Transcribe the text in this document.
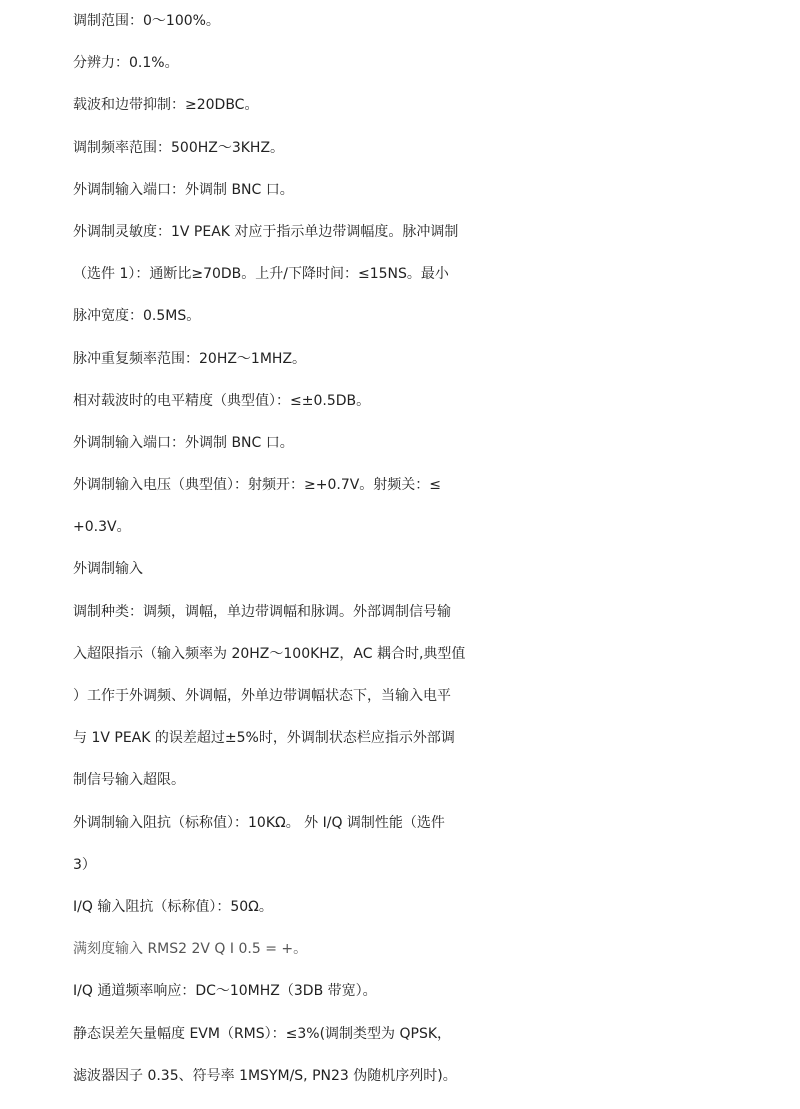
调制范围：0～100%。
分辨力：0.1%。
载波和边带抑制：≥20DBC。
调制频率范围：500HZ～3KHZ。
外调制输入端口：外调制 BNC 口。
外调制灵敏度：1V PEAK 对应于指示单边带调幅度。脉冲调制
（选件 1）：通断比≥70DB。上升/下降时间：≤15NS。最小
脉冲宽度：0.5MS。
脉冲重复频率范围：20HZ～1MHZ。
相对载波时的电平精度（典型值）：≤±0.5DB。
外调制输入端口：外调制 BNC 口。
外调制输入电压（典型值）：射频开：≥+0.7V。射频关：≤
+0.3V。
外调制输入
调制种类：调频，调幅，单边带调幅和脉调。外部调制信号输
入超限指示（输入频率为 20HZ～100KHZ，AC 耦合时,典型值
）工作于外调频、外调幅，外单边带调幅状态下，当输入电平
与 1V PEAK 的误差超过±5%时，外调制状态栏应指示外部调
制信号输入超限。
外调制输入阻抗（标称值）：10KΩ。 外 I/Q 调制性能（选件
3）
I/Q 输入阻抗（标称值）：50Ω。
满刻度输入 RMS2 2V Q I 0.5 = +。
I/Q 通道频率响应：DC～10MHZ（3DB 带宽）。
静态误差矢量幅度 EVM（RMS）：≤3%(调制类型为 QPSK，
滤波器因子 0.35、符号率 1MSYM/S, PN23 伪随机序列时)。
